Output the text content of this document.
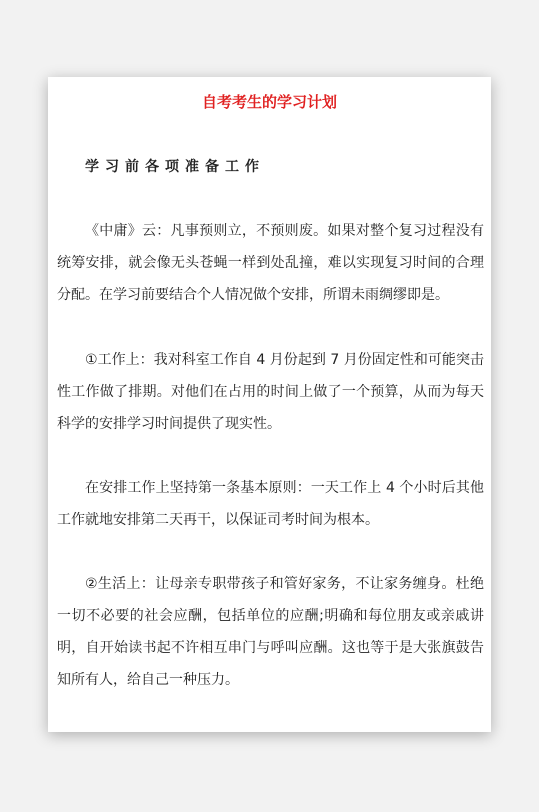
自考考生的学习计划
学习前各项准备工作

《中庸》云：凡事预则立，不预则废。如果对整个复习过程没有统筹安排，就会像无头苍蝇一样到处乱撞，难以实现复习时间的合理分配。在学习前要结合个人情况做个安排，所谓未雨绸缪即是。

①工作上：我对科室工作自 4 月份起到 7 月份固定性和可能突击性工作做了排期。对他们在占用的时间上做了一个预算，从而为每天科学的安排学习时间提供了现实性。

在安排工作上坚持第一条基本原则：一天工作上 4 个小时后其他工作就地安排第二天再干，以保证司考时间为根本。

②生活上：让母亲专职带孩子和管好家务，不让家务缠身。杜绝一切不必要的社会应酬，包括单位的应酬;明确和每位朋友或亲戚讲明，自开始读书起不许相互串门与呼叫应酬。这也等于是大张旗鼓告知所有人，给自己一种压力。
